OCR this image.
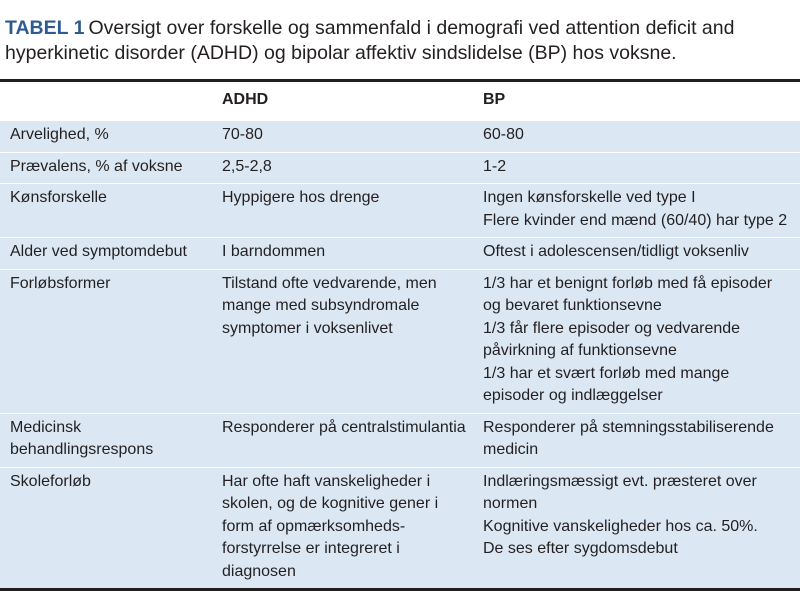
TABEL 1 Oversigt over forskelle og sammenfald i demografi ved attention deficit and hyperkinetic disorder (ADHD) og bipolar affektiv sindslidelse (BP) hos voksne.
	ADHD	BP

Arvelighed, %	70-80	60-80

Prævalens, % af voksne	2,5-2,8	1-2

Kønsforskelle	Hyppigere hos drenge	Ingen kønsforskelle ved type I
Flere kvinder end mænd (60/40) har type 2

Alder ved symptomdebut	I barndommen	Oftest i adolescensen/tidligt voksenliv

Forløbsformer	Tilstand ofte vedvarende, men mange med subsyndromale symptomer i voksenlivet	1/3 har et benignt forløb med få episoder og bevaret funktionsevne
1/3 får flere episoder og vedvarende påvirkning af funktionsevne
1/3 har et svært forløb med mange episoder og indlæggelser

Medicinsk behandlingsrespons	Responderer på centralstimulantia	Responderer på stemningsstabiliserende medicin

Skoleforløb	Har ofte haft vanskeligheder i skolen, og de kognitive gener i form af opmærksomheds-forstyrrelse er integreret i diagnosen	Indlæringsmæssigt evt. præsteret over normen
Kognitive vanskeligheder hos ca. 50%.
De ses efter sygdomsdebut
